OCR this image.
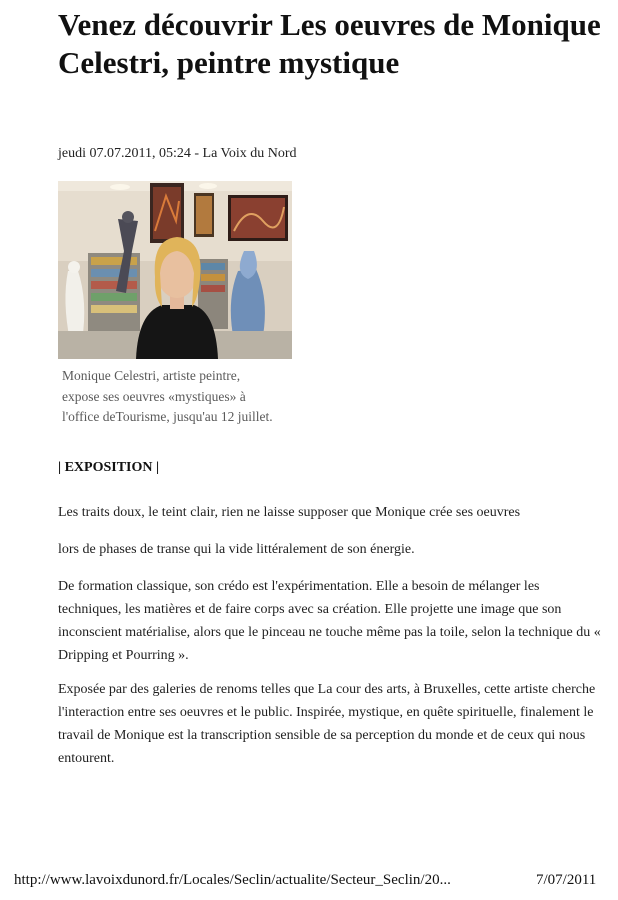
Venez découvrir Les oeuvres de Monique Celestri, peintre mystique
jeudi 07.07.2011, 05:24 - La Voix du Nord
Monique Celestri, artiste peintre, expose ses oeuvres «mystiques» à l'office deTourisme, jusqu'au 12 juillet.
| EXPOSITION |

Les traits doux, le teint clair, rien ne laisse supposer que Monique crée ses oeuvres

lors de phases de transe qui la vide littéralement de son énergie.

De formation classique, son crédo est l'expérimentation. Elle a besoin de mélanger les techniques, les matières et de faire corps avec sa création. Elle projette une image que son inconscient matérialise, alors que le pinceau ne touche même pas la toile, selon la technique du « Dripping et Pourring ».

Exposée par des galeries de renoms telles que La cour des arts, à Bruxelles, cette artiste cherche l'interaction entre ses oeuvres et le public. Inspirée, mystique, en quête spirituelle, finalement le travail de Monique est la transcription sensible de sa perception du monde et de ceux qui nous entourent.

http://www.lavoixdunord.fr/Locales/Seclin/actualite/Secteur_Seclin/20...	7/07/2011
